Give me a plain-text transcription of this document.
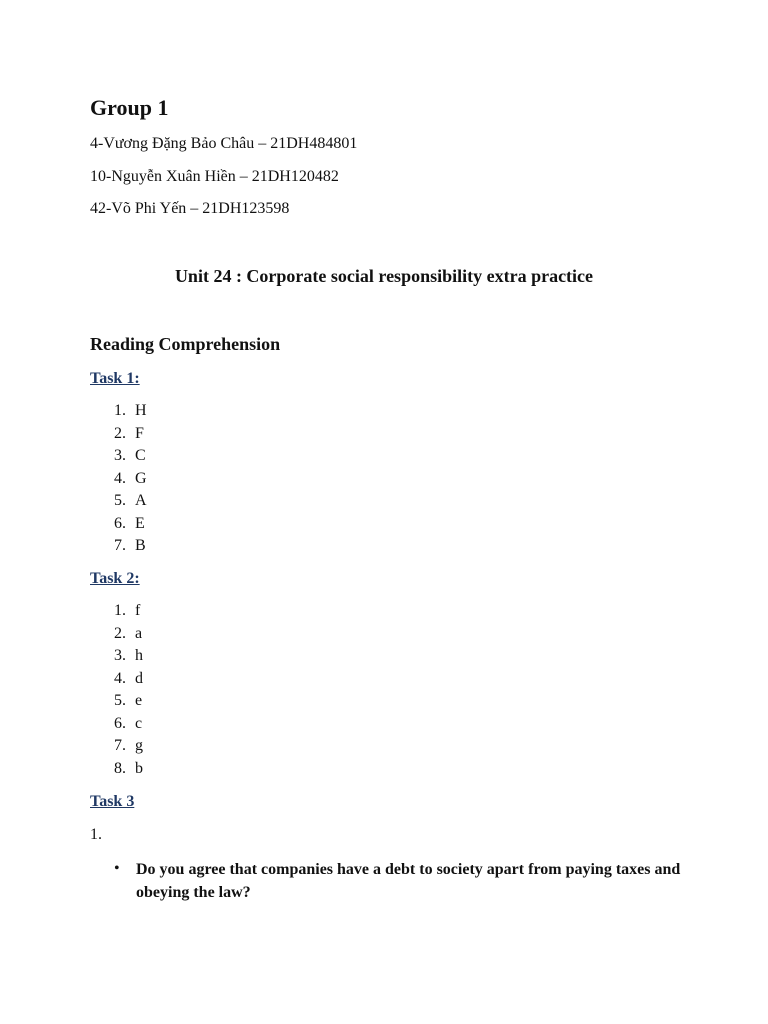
Group 1

4-Vương Đặng Bảo Châu – 21DH484801

10-Nguyễn Xuân Hiền – 21DH120482

42-Võ Phi Yến – 21DH123598

Unit 24 : Corporate social responsibility extra practice
Reading Comprehension
Task 1:
1. H
2. F
3. C
4. G
5. A
6. E
7. B
Task 2:
1. f
2. a
3. h
4. d
5. e
6. c
7. g
8. b
Task 3

1.

• Do you agree that companies have a debt to society apart from paying taxes and obeying the law?
